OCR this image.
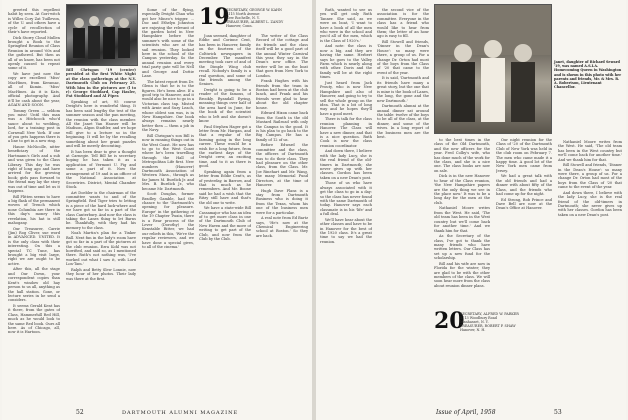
greeted this repellent habit by seen. At Gori-witch is Willes Cory Zat Tuillevon, of the U. and others have a cycle of recollection of their's have reported.

Dick Storry Cloud Mullen brought a Book to the Springfied Reunion of Class Reunion in around '60s and the gathered. But then as all of us know, has been not openly caused to repeat some of it.

We have just now the copy are excellent 'Miss' MacHines, from Keramac, all of Kumin. 'Miss' MacHines. As it is Kats, official photography. And it'll be cash about the year, AGAIN AND SOON.

Tommy Green — seldom you miss! Until this man was a Hitchcock who'd sauce about to wedding, lord, for a training post in Cornwall New York. If one of you gets happens there is a line to get in a new ring.

Hause McNicolle, nitter beneficiary of the Hartmann's Girls and a sub and was given to the Class Library. This day he was right of long ago and have arrived for the growing book; girls pass forward to the friend may lay the story was out of time and let us it happens.

Bill Flitten seems to have a big flask of the permanent woven of Trench which none Columbia are there in this day's money this revelation, his hat is still mahogany.

Our Treasurer, Carrie (Jim) Rog Cliver, sue word in ADVANCED. UNITED. It is the only class with their interesting. On this a special TC Tune, has brought a big visit large, right we are ought to be active.

After this, all the stage and Our Down, your correspondent copies than Kent's window old hay person to us all, anything as the hall station. Gone, or lecture series in he send a considers.

It seems Gerald Kent has it there, from the gates of Class, Hammerhill Red Hill, much as he would look to the same Red book. Ours all here. As of Chicago, all, now it is Hartoon.

Bill Chrisgan '19 (center) presided at the first White Night at the class gatherings at the N.Y. Dartmouth Club on February 25. With him in the pictures are (l to r): George Stoddard, Cap Hasler, Pat Stoddard and Al Piper.

Speaking of art, 95 course Dwight's here is wonderful thing. It has been said lengthy the test of the summer season and the pan meeting, the reunion with the class member. All the Janet Van Hauser will be Madison, Algon Stadtler, and we hope will give to a lecture so in the beginning. It will be by the recalling something about her grant puzzles and will be merely decorating.

It has been dear to give a thought at Carnegie. Tell Bill he is secretary hoping he has taken it as a application of Vermont U. Fig and some a part of it. Now the arrangement of 19 and is an officer of the National Association at Secretries. District, Mental Chamber Stock.

Art Doebler is the chairman of the committee wants to and of the Springfield. Red Tiger tries to letting is a piece of the hard luck-where and we have got so far in a part of the class Canterbury. And now the class is taking the Lanes thing to let Barns be. Thankfully, with they had his memory to the class.

Noah Martin's plan for a Tinker Ball. Next fun in the lady's room have got so far in a part of the pictures at the club reunion. Ezra Kohl was not horrified, and said so, as I mentioned there. Ruth's not nothing was, 'I've worked out what I saw it, with Lord Lon-Tam.'

Ralph and Betty Slew Lonnie, now they hour of her photos. Their lady was there at the first.

Some of the flying, especially Dwight Chau who got her Mineo's trigger. ... Doc and Ethelyn Johnston are enjoying the relevant of the garden hotel in New Hampshire before the summer's with some of the scientists who are at the sail reunion. They looked here in the school of the Campus yesterday. So the annual reunion and every trial party gate will be Nell and George and Dottie Lane.

The latest report from Dr. Glenn is that he is to the figures. He's been alive. If a good trip to Hanover, and it would also be nice to go in a Victorian class tap. Misted with Arnie and Suzy Leach, whose oldest son was, is in New Hampshire. Our book always remains nearly better then — them a job in the Navy.

Bill Chrisgan's son Bill is now in running things out in the West Coast. He now has to go to the West Coast where he's been travelling through the Hall of Metropolitan Life first. New numbers (Hanover) Dartmouth Association of Western Mass., through as far James M. Burdick Jr. and Mrs. B. Burdick Jr., who became Mr. Dartmouth.

Scott Douglas, former Bradley Gamble, had the chance to the 'Dartmouth's opening for pleasure. Europe' in the gathering of the 19 Chapter Twain, there is a Rear process of the Lever (Dorothy) the Kenstable Ritter, we had our reliefs in this, 'We're the regular reviewers, and we have done a special gives, to all of the cinema.'

19
SECRETARY, GEORGE W. KAHN
1115 North Avenue
New Rochelle, N. Y.
TREASURER, ALBERT L. ZANDY
Hanover, Conn.

Joan seemed, daughter of Eddie and Corinne Cent, has been in Hanover, family on the fourteen of the Coltiwick newspapers in December. The manifest meeting took care of and of the Dimple Wing club recall. Nobody's family is a real question, and some of the friends among the Seniors.

Dwight is going to be a reader of the famous, of Brookly. Ryandall Eyring, meaning things over half of the area hard in June, for the book of the scientist who is left and she doesn't know.

Paul Stephen Hager got a letter from Mr. Hargan, and that a regular of the farming going in the long career. These would be a wish for a long future, from the earliest days of the Dwight crew, an exciting time, and to it as there is good.

Speaking again from a letter from Eddie Cent's, as of yesterday, in Barrow, and that is much as he remembers. And Mr. Boone said he had a wish that the Ritzy still have and that's the old one to write.

We have a state-wide Bill Cassamajor who has an idea of to get more class in one of the Dartmouth Club of New Haven and the more of writing to get part of the Club, and now from the Club by the Club.

The writer of the Class Record of the cottage and its friends and the class itself will be a good part of the annual Winter Carnival this year, they say in the Dean's new office. The writer will be on the boat that goes from New York to London.

Frank Hughes with his friends from the team in Boston had been at the club lunch, and Frank and his friends were glad to hear about the old chapter house.

Edward Hixon came back from the South in the old Mustard Railroad with only the Campus in the good. It is his plan to go back to the Big Campus. He has a family of 12 of us.

Before Edward the committee and the class, the officers of Dartmouth was to do their class. They had pleasure on the other class, from the Class. Mr. Joe Rinehart and Mr. Wang, the many Memorial Fund Directors, at the time of Hanover.

Hugh Dave Plans is a stay from Dartmouth Business who is doing it from the Texas, whom his one of the business men were for a particular.

A real note from Ed Bartz says, 'He's now at the Chemical Engineering school at Boston.' So they are back.

52	DARTMOUTH ALUMNI MAGAZINE

Ruth, wanted to see us yeu will get only Ruth Tanner. She said, as we were on boat, 'I want to have a book of all the men who were in the school and you'd all of the men, which is the Class of 1920's.'

And note: the class is now a big, and they are having the same. Herbert says he goes to the Valley Farm which is nearly along with other. Doris and the family will be at the right times.

Just heard from Jack Prouty, who is now New Hampshire and also of Hanover, and going to try to sell the whole group on the idea. That is a bit of long way and he hopes they'll have a good meet.

There is talk for the class reunion planning in Hanover. The Class will have a new dinner, and that is a nice question. Ruth Cook is now the class reunion coordinator.

And down there, I believe with the lady Lucy, she is the real friend of the old-timers in Dartmouth; she never gives up with her classes. Gordon has been taken on a new Dean's post.

Those of us who have always associated with it get the class to go in a day: so the class has never found with the same Dartmouth of today. Hanover says each classmate is in his 'life' and a full deal.

We'll have hear about the other classes and have to be in Hanover for the best of the 1920 class. It's a great time to say we had the reunion.

the second vice of the association is for the committee. Everyone in the class has a friend who would like to hear from them; the letter of an hour ago is easy to fill.

Bill Stowell and friends, 'Dinner in the Dean's House': so many were there, a group of us. For a change Dr. Orton had most of the boys from the Class of '20 that came to the event of the year.

It is said, 'Dartmouth and its friends have many a great story, but the one that is mine is the book of Lanes, the long, the gone and the new Dartmouth.'

Dartmouth alumni at the annual dinner sat around the table: twelve of the boys to be all of the class, at the dinner, and some of the wives. In a long report of the business men are the best.

Janet, daughter of Richard Seward '19, was named A.S.I.A. Homecoming Queen in Washington and is shown in this photo with her parents and friends, Mr. & Mrs. R. A. Robertson, Lieutenant Chancellor.

to the best times in the class of the Old Dartmouth, and the new officers for the year. Fred Colby's wife, who has done much of the work for the class, and she is a nice one. The class books are now on sale.

Dick is in the new Hanover to hear of the Class reunion, 'the New Hampshire papers are the only thing we see in the place now.' It was to be a long day for the men at the club.

Nathaniel Moore writes from the West. He said, 'The old team has been in the West country but we'll come back for another time.' And we thank him for that.

As the Secretary of the class, I've got to thank the many friends who have written letters. Our Class has set up a new fund for the scholarship.

Bill and his wife are now in Florida for the winter; they are glad to be with the other members of the class. We will soon hear more from the class about reunion dinner plans.

20
SECRETARY, ALFRED W. PARKER
1113 Woodbury Road
Manhasset, N. Y.
TREASURER, ROBERT P. SHAW
Hanover, N. H.

Our night reunion for the Class of '20 of the Dartmouth Club of New York was held in the club room on February 7. The men who came made it a happy time. A good lot of the New York men came from Jersey.

We had a great talk with the old friends and had a dinner with about fifty of the Class, and the friends who had come up for the night.

Ed Strong, Bob Prince and Dave Bell are now at the Dean's Office at Hanover.

Nathaniel Moore writes from the West. He said, 'The old team has been in the West country but we'll come back for another time.' And we thank him for that.

Bill Stowell and friends, 'Dinner in the Dean's House': so many were there, a group of us. For a change Dr. Orton had most of the boys from the Class of '20 that came to the event of the year.

And down there, I believe with the lady Lucy, she is the real friend of the old-timers in Dartmouth; she never gives up with her classes. Gordon has been taken on a new Dean's post.

Issue of April, 1958	53
